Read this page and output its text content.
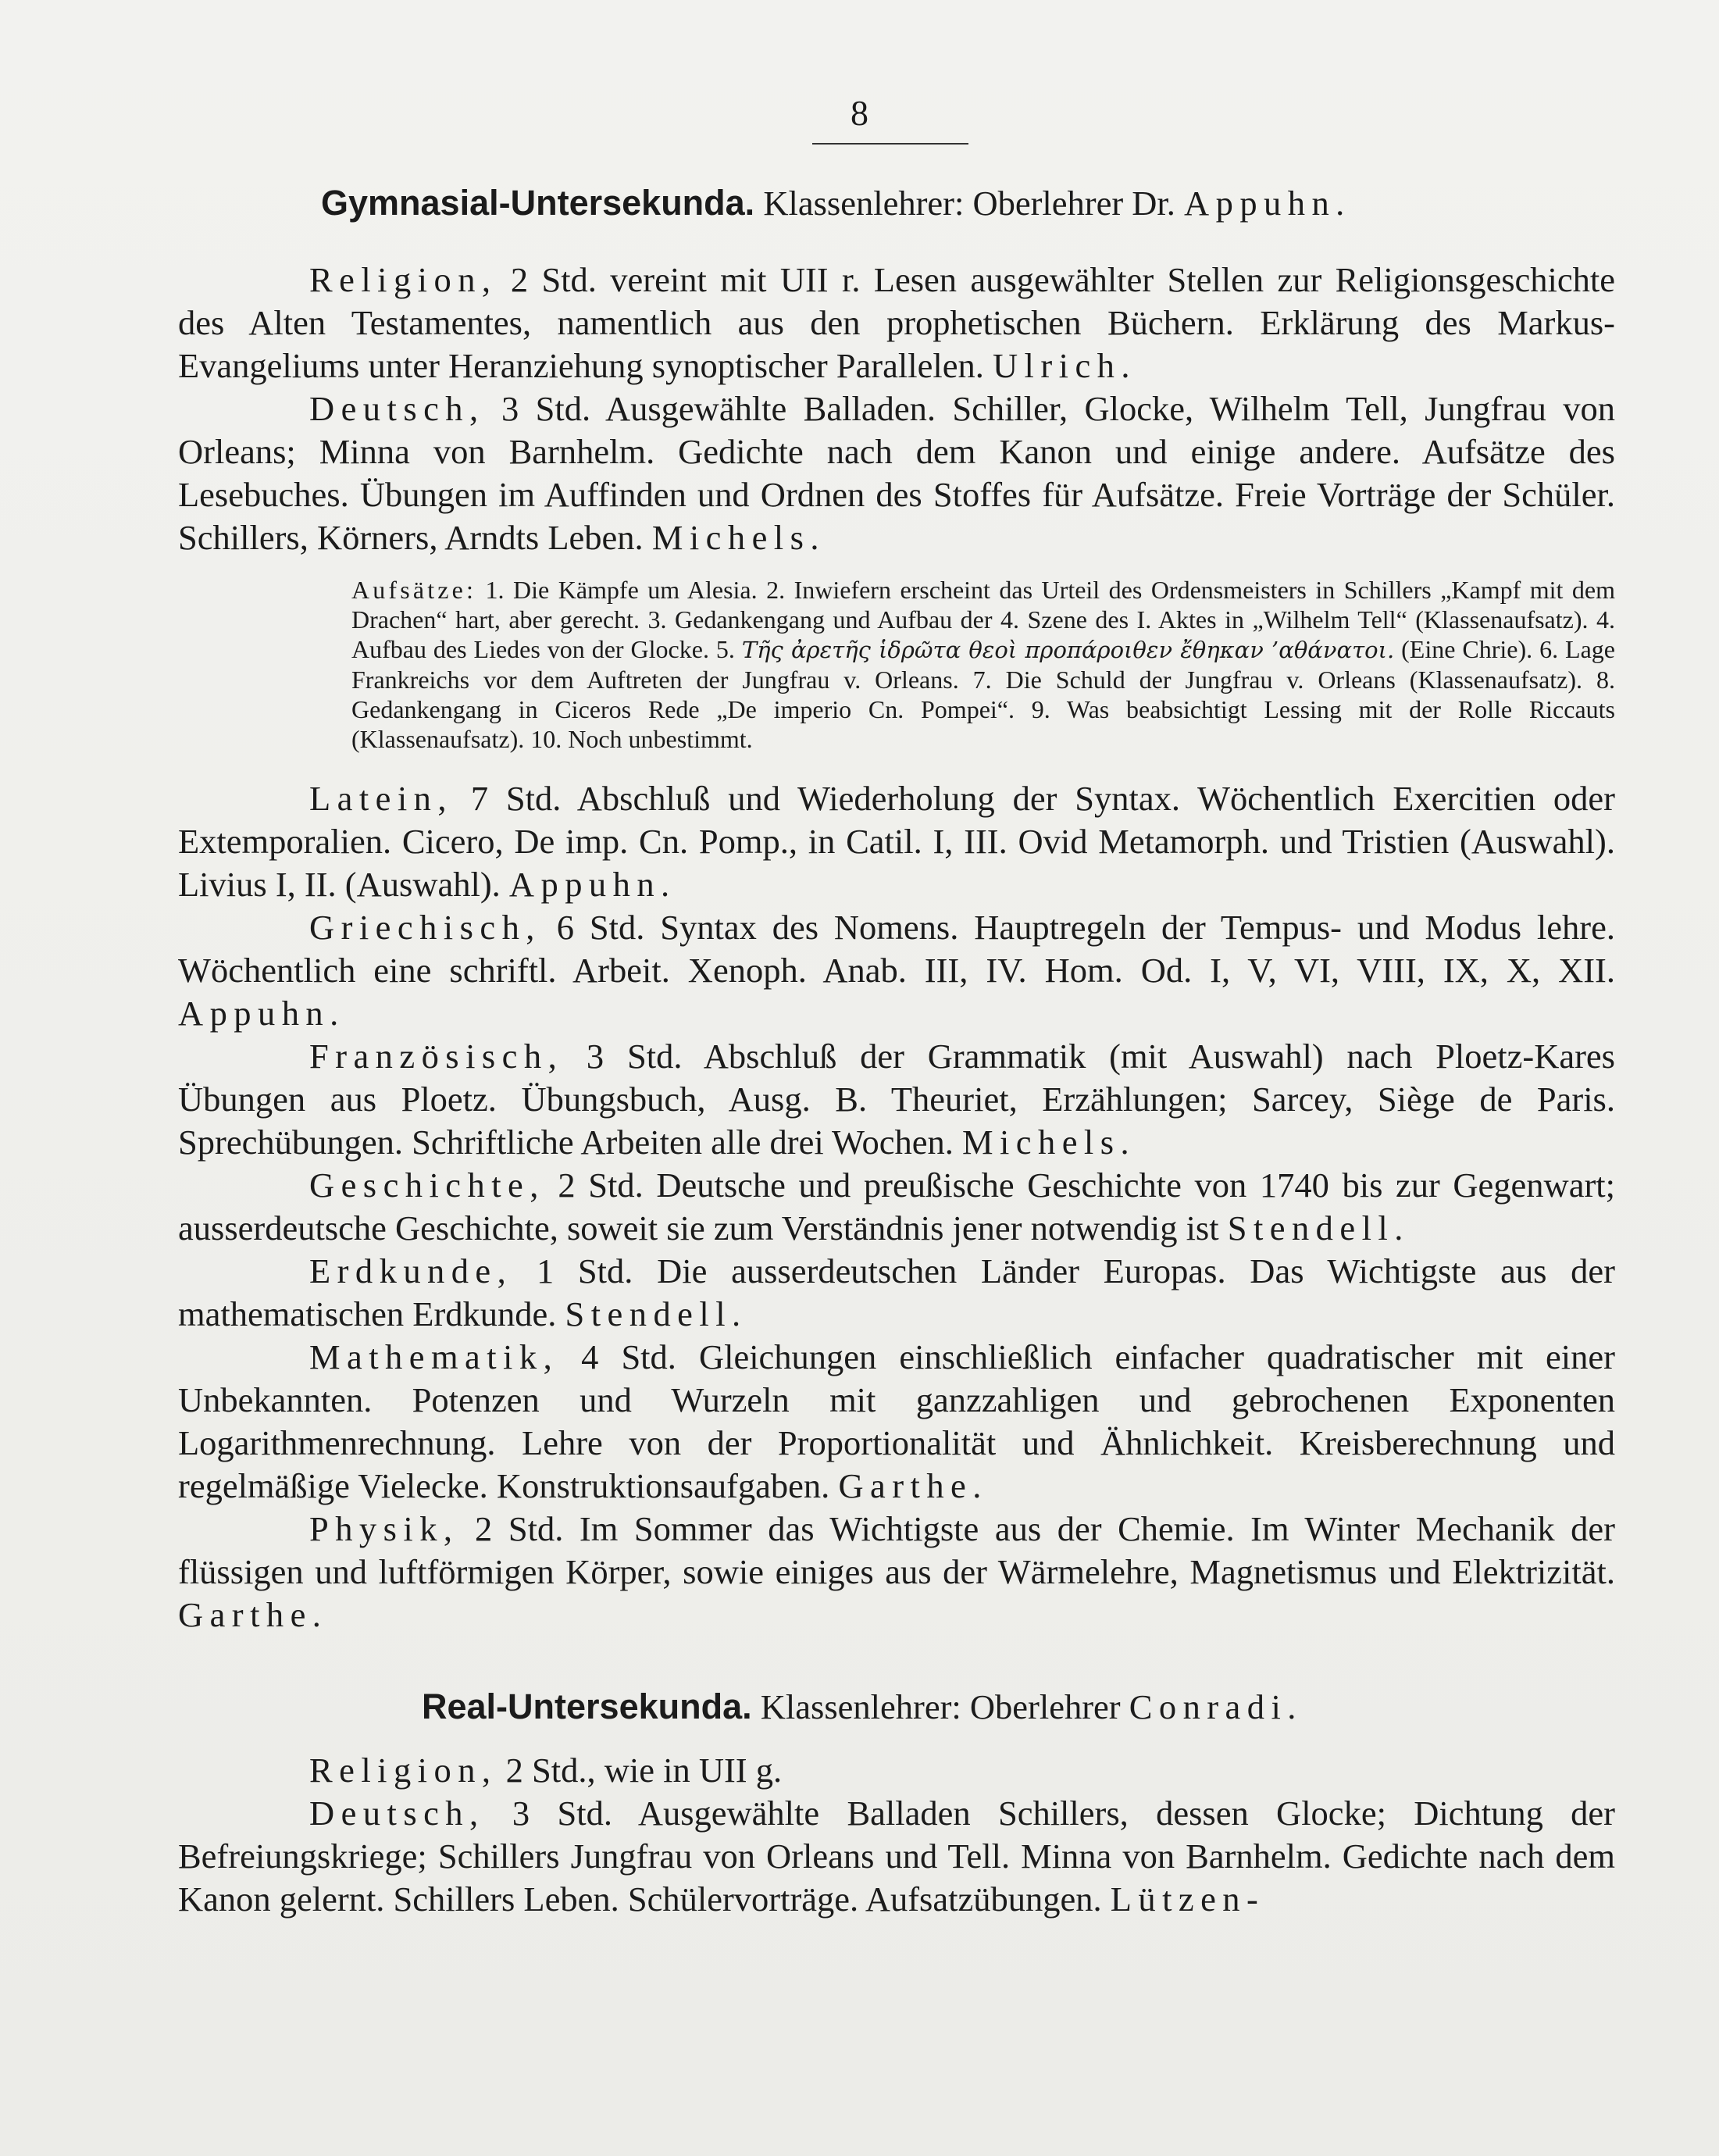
8

Gymnasial-Untersekunda. Klassenlehrer: Oberlehrer Dr. Appuhn.

Religion, 2 Std. vereint mit UII r. Lesen ausgewählter Stellen zur Religionsgeschichte des Alten Testamentes, namentlich aus den prophetischen Büchern. Erklärung des Markus-Evangeliums unter Heranziehung synoptischer Parallelen. Ulrich.

Deutsch, 3 Std. Ausgewählte Balladen. Schiller, Glocke, Wilhelm Tell, Jungfrau von Orleans; Minna von Barnhelm. Gedichte nach dem Kanon und einige andere. Aufsätze des Lesebuches. Übungen im Auffinden und Ordnen des Stoffes für Aufsätze. Freie Vorträge der Schüler. Schillers, Körners, Arndts Leben. Michels.

Aufsätze: 1. Die Kämpfe um Alesia. 2. Inwiefern erscheint das Urteil des Ordensmeisters in Schillers „Kampf mit dem Drachen“ hart, aber gerecht. 3. Gedankengang und Aufbau der 4. Szene des I. Aktes in „Wilhelm Tell“ (Klassenaufsatz). 4. Aufbau des Liedes von der Glocke. 5. Τῆς ἀρετῆς ἱδρῶτα θεοὶ προπάροιθεν ἔθηκαν ’αθάνατοι. (Eine Chrie). 6. Lage Frankreichs vor dem Auftreten der Jungfrau v. Orleans. 7. Die Schuld der Jungfrau v. Orleans (Klassenaufsatz). 8. Gedankengang in Ciceros Rede „De imperio Cn. Pompei“. 9. Was beabsichtigt Lessing mit der Rolle Riccauts (Klassenaufsatz). 10. Noch unbestimmt.

Latein, 7 Std. Abschluß und Wiederholung der Syntax. Wöchentlich Exercitien oder Extemporalien. Cicero, De imp. Cn. Pomp., in Catil. I, III. Ovid Metamorph. und Tristien (Auswahl). Livius I, II. (Auswahl). Appuhn.

Griechisch, 6 Std. Syntax des Nomens. Hauptregeln der Tempus- und Modus lehre. Wöchentlich eine schriftl. Arbeit. Xenoph. Anab. III, IV. Hom. Od. I, V, VI, VIII, IX, X, XII. Appuhn.

Französisch, 3 Std. Abschluß der Grammatik (mit Auswahl) nach Ploetz-Kares Übungen aus Ploetz. Übungsbuch, Ausg. B. Theuriet, Erzählungen; Sarcey, Siège de Paris. Sprechübungen. Schriftliche Arbeiten alle drei Wochen. Michels.

Geschichte, 2 Std. Deutsche und preußische Geschichte von 1740 bis zur Gegenwart; ausserdeutsche Geschichte, soweit sie zum Verständnis jener notwendig ist Stendell.

Erdkunde, 1 Std. Die ausserdeutschen Länder Europas. Das Wichtigste aus der mathematischen Erdkunde. Stendell.

Mathematik, 4 Std. Gleichungen einschließlich einfacher quadratischer mit einer Unbekannten. Potenzen und Wurzeln mit ganzzahligen und gebrochenen Exponenten Logarithmenrechnung. Lehre von der Proportionalität und Ähnlichkeit. Kreisberechnung und regelmäßige Vielecke. Konstruktionsaufgaben. Garthe.

Physik, 2 Std. Im Sommer das Wichtigste aus der Chemie. Im Winter Mechanik der flüssigen und luftförmigen Körper, sowie einiges aus der Wärmelehre, Magnetismus und Elektrizität. Garthe.

Real-Untersekunda. Klassenlehrer: Oberlehrer Conradi.

Religion, 2 Std., wie in UII g.

Deutsch, 3 Std. Ausgewählte Balladen Schillers, dessen Glocke; Dichtung der Befreiungskriege; Schillers Jungfrau von Orleans und Tell. Minna von Barnhelm. Gedichte nach dem Kanon gelernt. Schillers Leben. Schülervorträge. Aufsatzübungen. Lützen-
